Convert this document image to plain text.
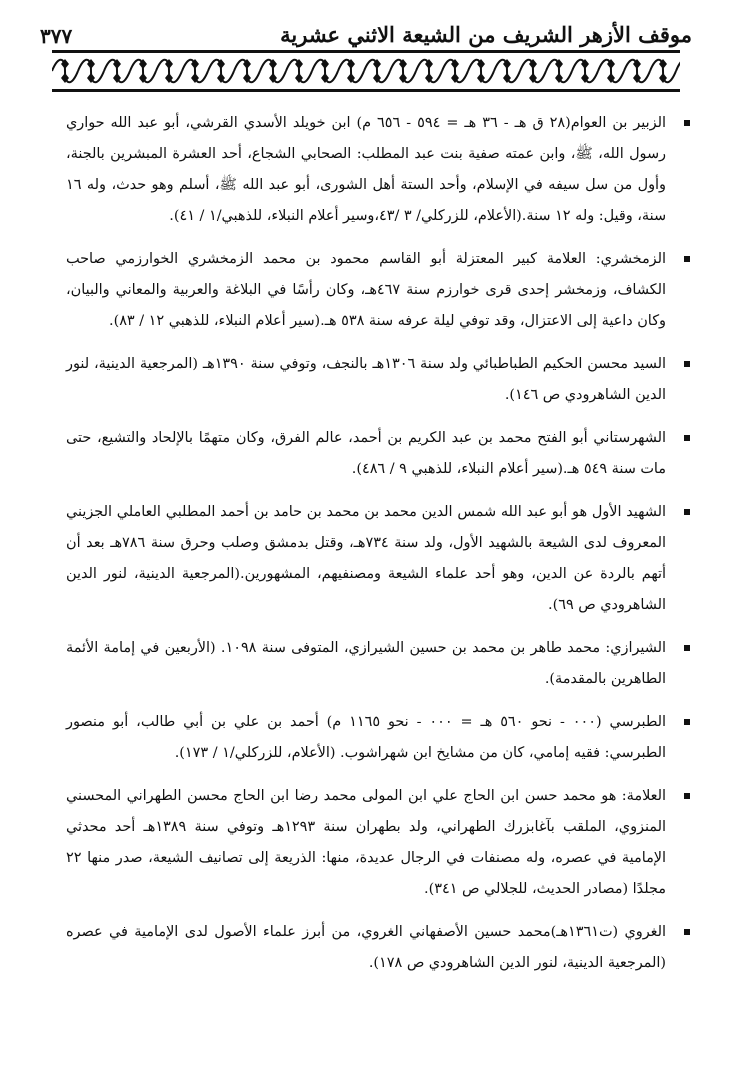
موقف الأزهر الشريف من الشيعة الاثني عشرية
٣٧٧
الزبير بن العوام(٢٨ ق هـ - ٣٦ هـ = ٥٩٤ - ٦٥٦ م) ابن خويلد الأسدي القرشي، أبو عبد الله حواري رسول الله، ﷺ، وابن عمته صفية بنت عبد المطلب: الصحابي الشجاع، أحد العشرة المبشرين بالجنة، وأول من سل سيفه في الإسلام، وأحد الستة أهل الشورى، أبو عبد الله ﷺ، أسلم وهو حدث، وله ١٦ سنة، وقيل: وله ١٢ سنة.(الأعلام، للزركلي/ ٣ /٤٣،وسير أعلام النبلاء، للذهبي/١ / ٤١).
الزمخشري: العلامة كبير المعتزلة أبو القاسم محمود بن محمد الزمخشري الخوارزمي صاحب الكشاف، وزمخشر إحدى قرى خوارزم سنة ٤٦٧هـ، وكان رأسًا في البلاغة والعربية والمعاني والبيان، وكان داعية إلى الاعتزال، وقد توفي ليلة عرفه سنة ٥٣٨ هـ.(سير أعلام النبلاء، للذهبي ١٢ / ٨٣).
السيد محسن الحكيم الطباطبائي ولد سنة ١٣٠٦هـ بالنجف، وتوفي سنة ١٣٩٠هـ (المرجعية الدينية، لنور الدين الشاهرودي ص ١٤٦).
الشهرستاني أبو الفتح محمد بن عبد الكريم بن أحمد، عالم الفرق، وكان متهمًا بالإلحاد والتشيع، حتى مات سنة ٥٤٩ هـ.(سير أعلام النبلاء، للذهبي ٩ / ٤٨٦).
الشهيد الأول هو أبو عبد الله شمس الدين محمد بن محمد بن حامد بن أحمد المطلبي العاملي الجزيني المعروف لدى الشيعة بالشهيد الأول، ولد سنة ٧٣٤هـ، وقتل بدمشق وصلب وحرق سنة ٧٨٦هـ بعد أن أتهم بالردة عن الدين، وهو أحد علماء الشيعة ومصنفيهم، المشهورين.(المرجعية الدينية، لنور الدين الشاهرودي ص ٦٩).
الشيرازي: محمد طاهر بن محمد بن حسين الشيرازي، المتوفى سنة ١٠٩٨. (الأربعين في إمامة الأئمة الطاهرين بالمقدمة).
الطبرسي (٠٠٠ - نحو ٥٦٠ هـ = ٠٠٠ - نحو ١١٦٥ م) أحمد بن علي بن أبي طالب، أبو منصور الطبرسي: فقيه إمامي، كان من مشايخ ابن شهراشوب. (الأعلام، للزركلي/١ / ١٧٣).
العلامة: هو محمد حسن ابن الحاج علي ابن المولى محمد رضا ابن الحاج محسن الطهراني المحسني المنزوي، الملقب بآغابزرك الطهراني، ولد بطهران سنة ١٢٩٣هـ وتوفي سنة ١٣٨٩هـ أحد محدثي الإمامية في عصره، وله مصنفات في الرجال عديدة، منها: الذريعة إلى تصانيف الشيعة، صدر منها ٢٢ مجلدًا (مصادر الحديث، للجلالي ص ٣٤١).
الغروي (ت١٣٦١هـ)محمد حسين الأصفهاني الغروي، من أبرز علماء الأصول لدى الإمامية في عصره (المرجعية الدينية، لنور الدين الشاهرودي ص ١٧٨).
